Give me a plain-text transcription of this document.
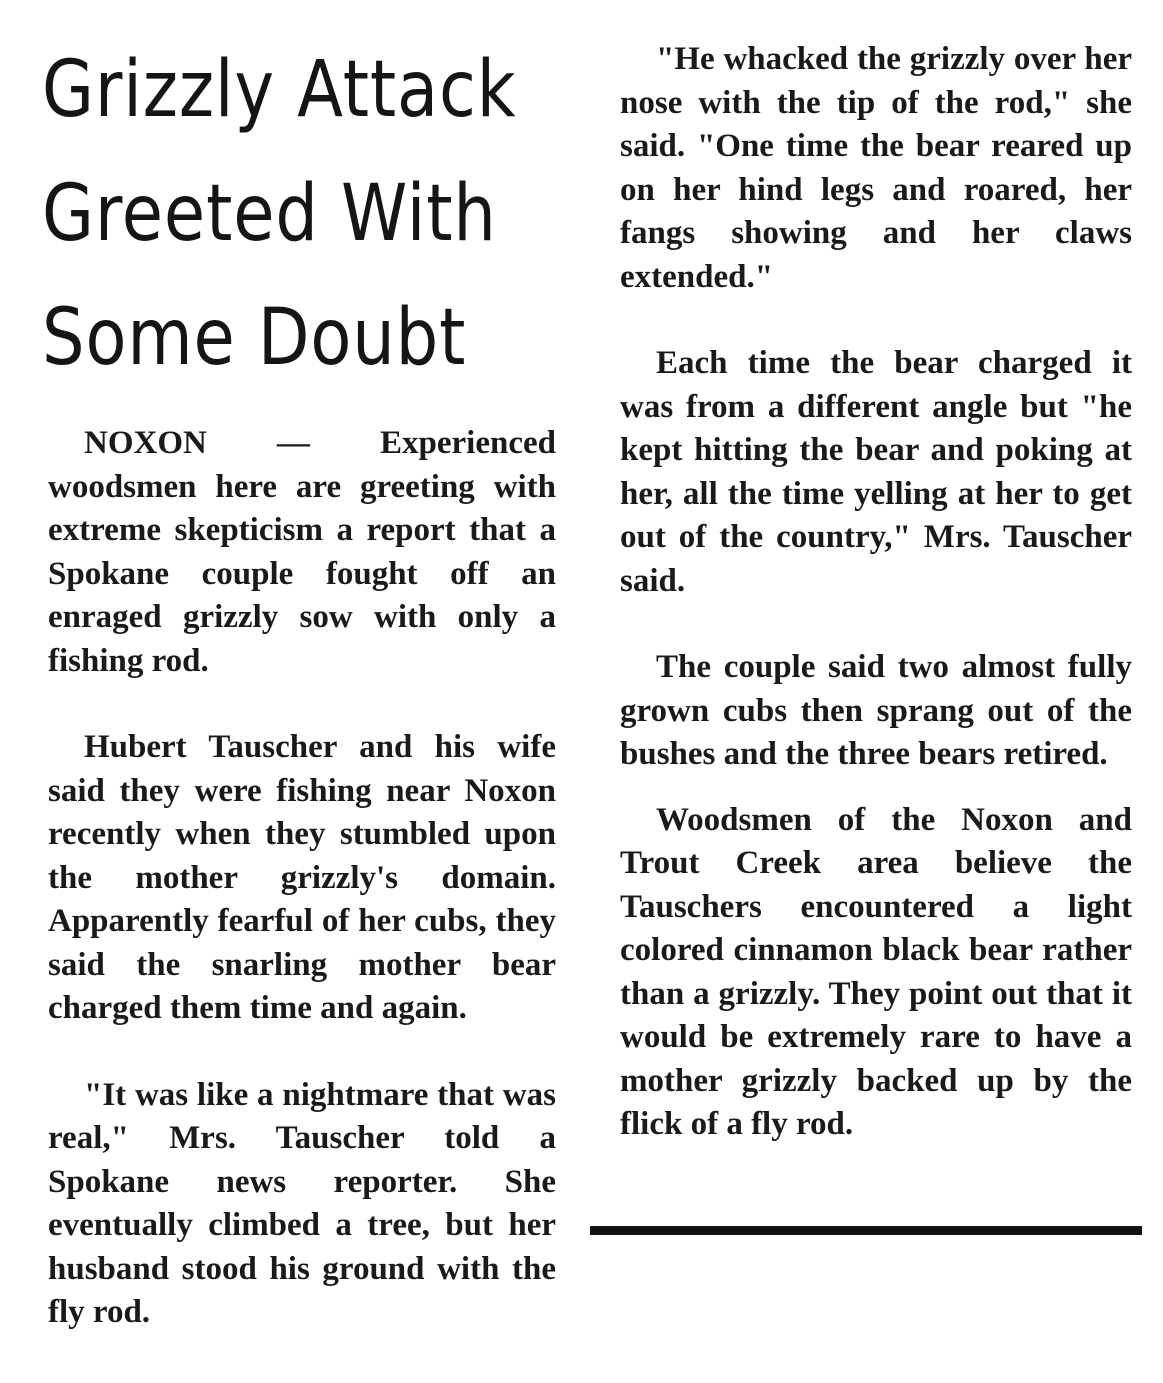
Grizzly Attack
Greeted With
Some Doubt

NOXON — Experienced woodsmen here are greeting with extreme skepticism a report that a Spokane couple fought off an enraged grizzly sow with only a fishing rod.

Hubert Tauscher and his wife said they were fishing near Noxon recently when they stumbled upon the mother grizzly's domain. Apparently fearful of her cubs, they said the snarling mother bear charged them time and again.

"It was like a nightmare that was real," Mrs. Tauscher told a Spokane news reporter. She eventually climbed a tree, but her husband stood his ground with the fly rod.

"He whacked the grizzly over her nose with the tip of the rod," she said. "One time the bear reared up on her hind legs and roared, her fangs showing and her claws extended."

Each time the bear charged it was from a different angle but "he kept hitting the bear and poking at her, all the time yelling at her to get out of the country," Mrs. Tauscher said.

The couple said two almost fully grown cubs then sprang out of the bushes and the three bears retired.

Woodsmen of the Noxon and Trout Creek area believe the Tauschers encountered a light colored cinnamon black bear rather than a grizzly. They point out that it would be extremely rare to have a mother grizzly backed up by the flick of a fly rod.
